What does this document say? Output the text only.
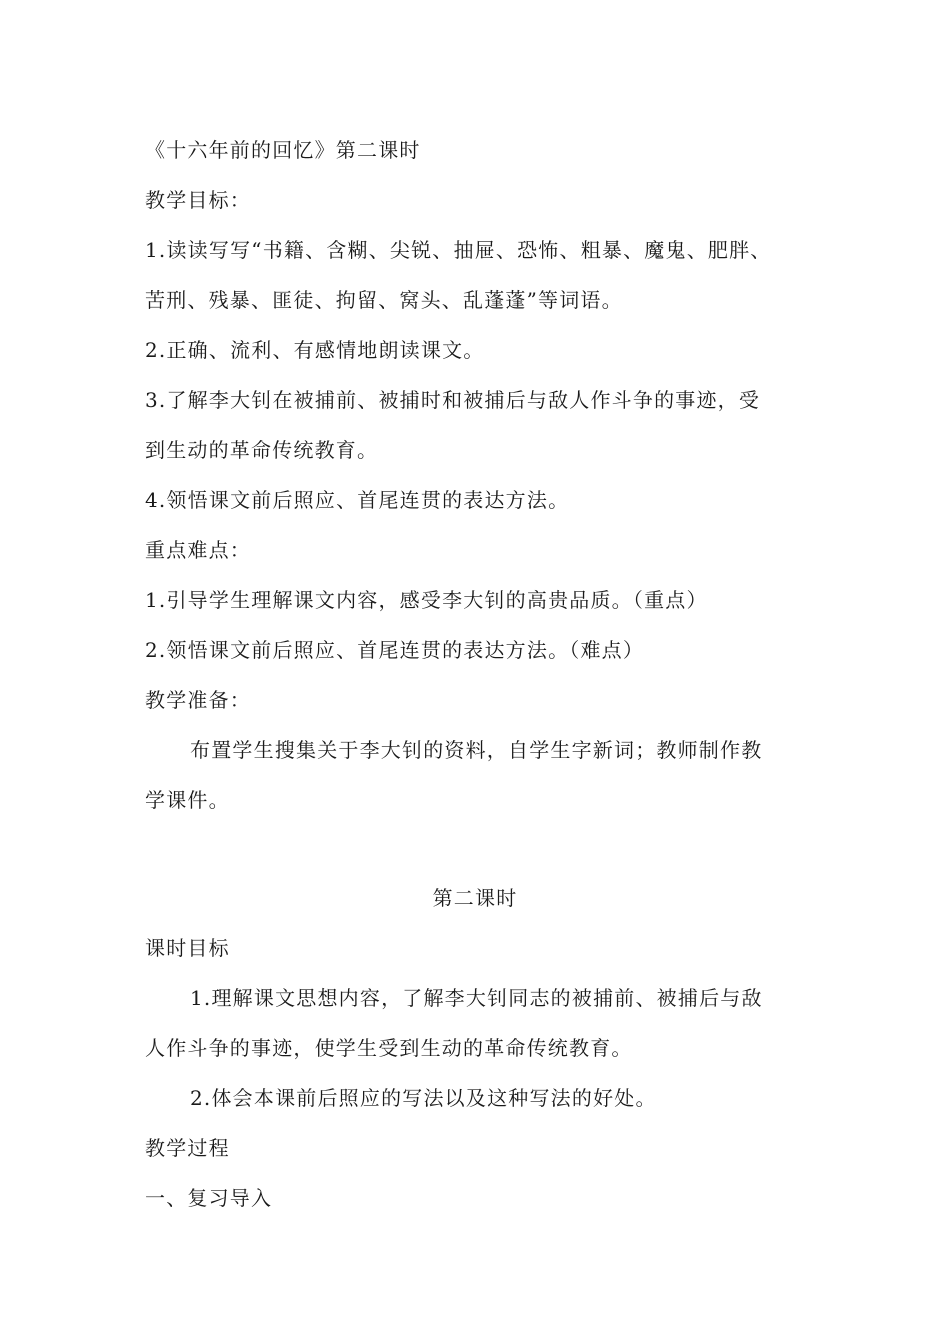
《十六年前的回忆》第二课时
教学目标：
1.读读写写“书籍、含糊、尖锐、抽屉、恐怖、粗暴、魔鬼、肥胖、
苦刑、残暴、匪徒、拘留、窝头、乱蓬蓬”等词语。
2.正确、流利、有感情地朗读课文。
3.了解李大钊在被捕前、被捕时和被捕后与敌人作斗争的事迹，受
到生动的革命传统教育。
4.领悟课文前后照应、首尾连贯的表达方法。
重点难点：
1.引导学生理解课文内容，感受李大钊的高贵品质。（重点）
2.领悟课文前后照应、首尾连贯的表达方法。（难点）
教学准备：
布置学生搜集关于李大钊的资料，自学生字新词；教师制作教
学课件。
第二课时
课时目标
1.理解课文思想内容，了解李大钊同志的被捕前、被捕后与敌
人作斗争的事迹，使学生受到生动的革命传统教育。
2.体会本课前后照应的写法以及这种写法的好处。
教学过程
一、复习导入
